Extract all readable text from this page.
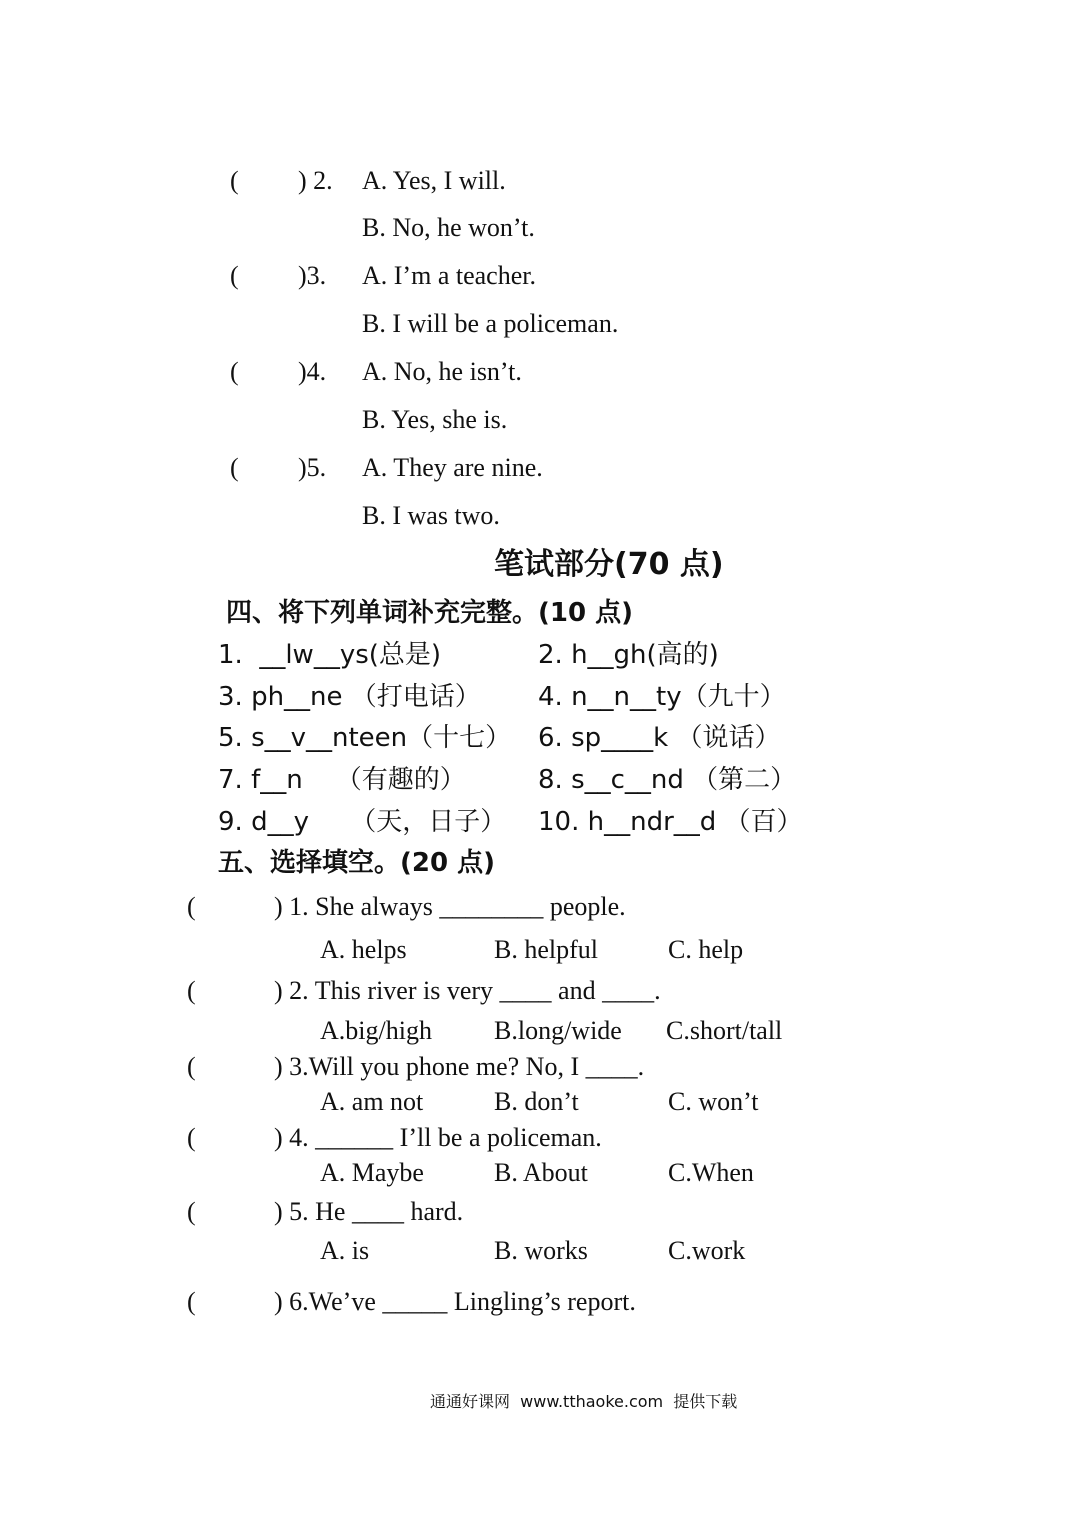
( ) 2. A. Yes, I will.
B. No, he won’t.
( )3. A. I’m a teacher.
B. I will be a policeman.
( )4. A. No, he isn’t.
B. Yes, she is.
( )5. A. They are nine.
B. I was two.
笔试部分(70 点)
四、将下列单词补充完整。(10 点)
1.  __lw__ys(总是)	2. h__gh(高的)
3. ph__ne （打电话） 4. n__n__ty（九十）
5. s__v__nteen（十七） 6. sp____k （说话）
7. f__n    （有趣的）	8. s__c__nd （第二）
9. d__y     （天，日子） 10. h__ndr__d （百）
五、选择填空。(20 点)
(	) 1. She always ________ people.
A. helps	B. helpful	C. help
(	) 2. This river is very ____ and ____.
A.big/high B.long/wide C.short/tall
(	) 3.Will you phone me? No, I ____.
A. am not	B. don’t	C. won’t
(	) 4. ______ I’ll be a policeman.
A. Maybe	B. About	C.When
(	) 5. He ____ hard.
A. is	B. works	C.work
(	) 6.We’ve _____ Lingling’s report.
通通好课网  www.tthaoke.com  提供下载
